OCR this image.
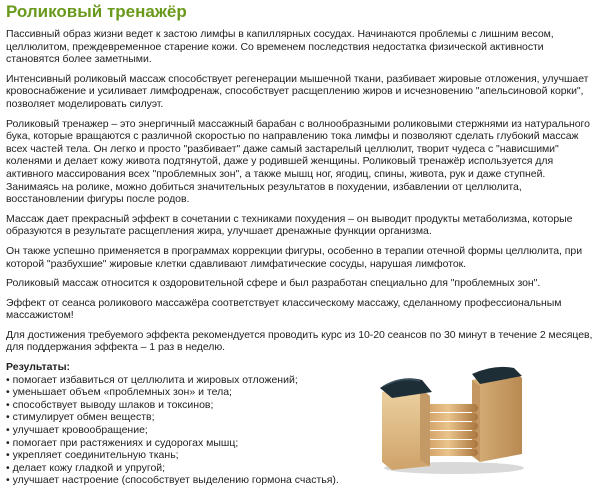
Роликовый тренажёр

Пассивный образ жизни ведет к застою лимфы в капиллярных сосудах. Начинаются проблемы с лишним весом, целлюлитом, преждевременное старение кожи. Со временем последствия недостатка физической активности становятся более заметными.

Интенсивный роликовый массаж способствует регенерации мышечной ткани, разбивает жировые отложения, улучшает кровоснабжение и усиливает лимфодренаж, способствует расщеплению жиров и исчезновению "апельсиновой корки", позволяет моделировать силуэт.

Роликовый тренажер – это энергичный массажный барабан с волнообразными роликовыми стержнями из натурального бука, которые вращаются с различной скоростью по направлению тока лимфы и позволяют сделать глубокий массаж всех частей тела. Он легко и просто "разбивает" даже самый застарелый целлюлит, творит чудеса с "нависшими" коленями и делает кожу живота подтянутой, даже у родившей женщины. Роликовый тренажёр используется для активного массирования всех "проблемных зон", а также мышц ног, ягодиц, спины, живота, рук и даже ступней. Занимаясь на ролике, можно добиться значительных результатов в похудении, избавлении от целлюлита, восстановлении фигуры после родов.

Массаж дает прекрасный эффект в сочетании с техниками похудения – он выводит продукты метаболизма, которые образуются в результате расщепления жира, улучшает дренажные функции организма.

Он также успешно применяется в программах коррекции фигуры, особенно в терапии отечной формы целлюлита, при которой "разбухшие" жировые клетки сдавливают лимфатические сосуды, нарушая лимфоток.

Роликовый массаж относится к оздоровительной сфере и был разработан специально для "проблемных зон".

Эффект от сеанса роликового массажёра соответствует классическому массажу, сделанному профессиональным массажистом!

Для достижения требуемого эффекта рекомендуется проводить курс из 10-20 сеансов по 30 минут в течение 2 месяцев, для поддержания эффекта – 1 раз в неделю.

Результаты:
• помогает избавиться от целлюлита и жировых отложений;
• уменьшает объем «проблемных зон» и тела;
• способствует выводу шлаков и токсинов;
• стимулирует обмен веществ;
• улучшает кровообращение;
• помогает при растяжениях и судорогах мышц;
• укрепляет соединительную ткань;
• делает кожу гладкой и упругой;
• улучшает настроение (способствует выделению гормона счастья).
